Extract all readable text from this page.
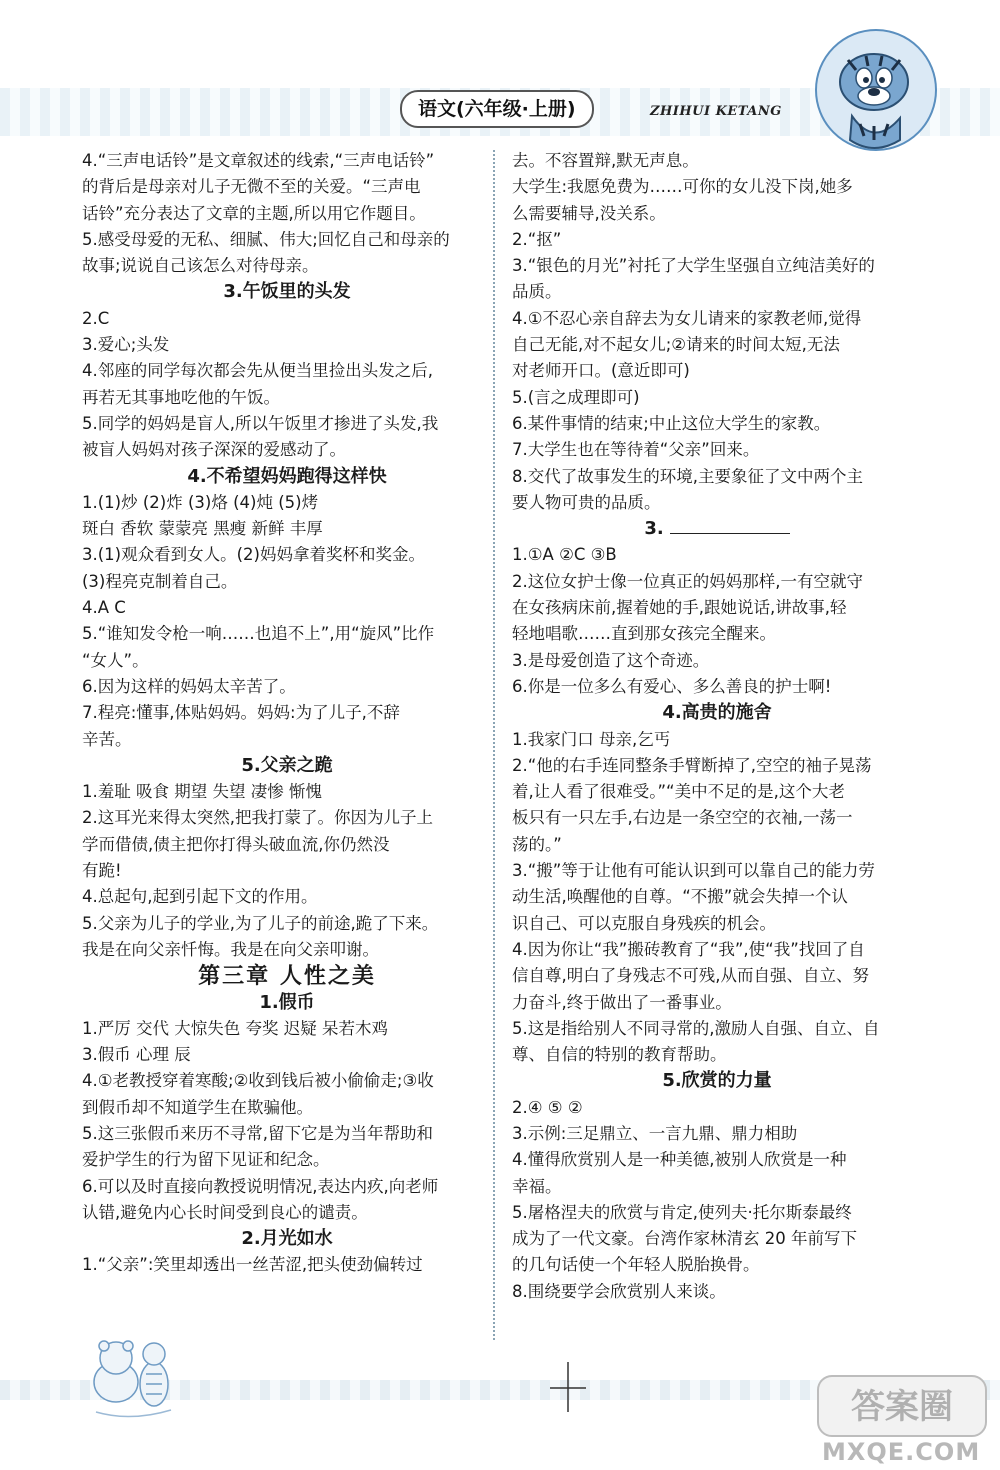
语文(六年级·上册)	ZHIHUI KETANG
4.“三声电话铃”是文章叙述的线索,“三声电话铃”
的背后是母亲对儿子无微不至的关爱。“三声电
话铃”充分表达了文章的主题,所以用它作题目。
5.感受母爱的无私、细腻、伟大;回忆自己和母亲的
故事;说说自己该怎么对待母亲。
3.午饭里的头发
2.C
3.爱心;头发
4.邻座的同学每次都会先从便当里捡出头发之后,
再若无其事地吃他的午饭。
5.同学的妈妈是盲人,所以午饭里才掺进了头发,我
被盲人妈妈对孩子深深的爱感动了。
4.不希望妈妈跑得这样快
1.(1)炒 (2)炸 (3)烙 (4)炖 (5)烤
斑白 香软 蒙蒙亮 黑瘦 新鲜 丰厚
3.(1)观众看到女人。(2)妈妈拿着奖杯和奖金。
(3)程亮克制着自己。
4.A C
5.“谁知发令枪一响……也追不上”,用“旋风”比作
“女人”。
6.因为这样的妈妈太辛苦了。
7.程亮:懂事,体贴妈妈。妈妈:为了儿子,不辞
辛苦。
5.父亲之跪
1.羞耻 吸食 期望 失望 凄惨 惭愧
2.这耳光来得太突然,把我打蒙了。你因为儿子上
学而借债,债主把你打得头破血流,你仍然没
有跪!
4.总起句,起到引起下文的作用。
5.父亲为儿子的学业,为了儿子的前途,跪了下来。
我是在向父亲忏悔。我是在向父亲叩谢。
第三章 人性之美
1.假币
1.严厉 交代 大惊失色 夸奖 迟疑 呆若木鸡
3.假币 心理 辰
4.①老教授穿着寒酸;②收到钱后被小偷偷走;③收
到假币却不知道学生在欺骗他。
5.这三张假币来历不寻常,留下它是为当年帮助和
爱护学生的行为留下见证和纪念。
6.可以及时直接向教授说明情况,表达内疚,向老师
认错,避免内心长时间受到良心的谴责。
2.月光如水
1.“父亲”:笑里却透出一丝苦涩,把头使劲偏转过
去。不容置辩,默无声息。
大学生:我愿免费为……可你的女儿没下岗,她多
么需要辅导,没关系。
2.“抠”
3.“银色的月光”衬托了大学生坚强自立纯洁美好的
品质。
4.①不忍心亲自辞去为女儿请来的家教老师,觉得
自己无能,对不起女儿;②请来的时间太短,无法
对老师开口。(意近即可)
5.(言之成理即可)
6.某件事情的结束;中止这位大学生的家教。
7.大学生也在等待着“父亲”回来。
8.交代了故事发生的环境,主要象征了文中两个主
要人物可贵的品质。
3.
1.①A ②C ③B
2.这位女护士像一位真正的妈妈那样,一有空就守
在女孩病床前,握着她的手,跟她说话,讲故事,轻
轻地唱歌……直到那女孩完全醒来。
3.是母爱创造了这个奇迹。
6.你是一位多么有爱心、多么善良的护士啊!
4.高贵的施舍
1.我家门口 母亲,乞丐
2.“他的右手连同整条手臂断掉了,空空的袖子晃荡
着,让人看了很难受。”“美中不足的是,这个大老
板只有一只左手,右边是一条空空的衣袖,一荡一
荡的。”
3.“搬”等于让他有可能认识到可以靠自己的能力劳
动生活,唤醒他的自尊。“不搬”就会失掉一个认
识自己、可以克服自身残疾的机会。
4.因为你让“我”搬砖教育了“我”,使“我”找回了自
信自尊,明白了身残志不可残,从而自强、自立、努
力奋斗,终于做出了一番事业。
5.这是指给别人不同寻常的,激励人自强、自立、自
尊、自信的特别的教育帮助。
5.欣赏的力量
2.④ ⑤ ②
3.示例:三足鼎立、一言九鼎、鼎力相助
4.懂得欣赏别人是一种美德,被别人欣赏是一种
幸福。
5.屠格涅夫的欣赏与肯定,使列夫·托尔斯泰最终
成为了一代文豪。台湾作家林清玄 20 年前写下
的几句话使一个年轻人脱胎换骨。
8.围绕要学会欣赏别人来谈。
答案圈
MXQE.COM
